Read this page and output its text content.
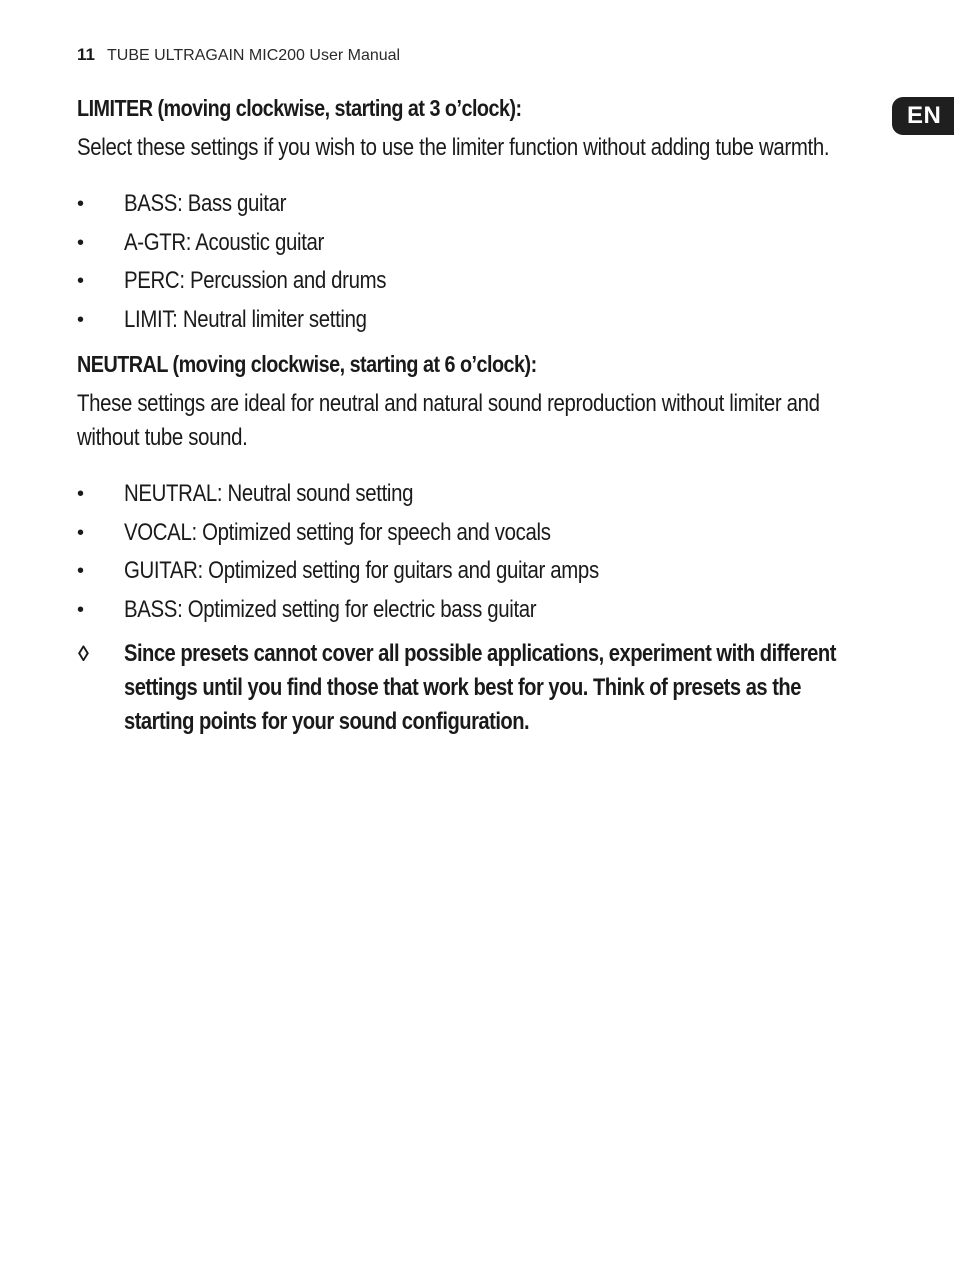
11 TUBE ULTRAGAIN MIC200 User Manual
EN
LIMITER (moving clockwise, starting at 3 o’clock):

Select these settings if you wish to use the limiter function without adding tube warmth.

• BASS: Bass guitar
• A-GTR: Acoustic guitar
• PERC: Percussion and drums
• LIMIT: Neutral limiter setting
NEUTRAL (moving clockwise, starting at 6 o’clock):

These settings are ideal for neutral and natural sound reproduction without limiter and without tube sound.

• NEUTRAL: Neutral sound setting
• VOCAL: Optimized setting for speech and vocals
• GUITAR: Optimized setting for guitars and guitar amps
• BASS: Optimized setting for electric bass guitar
◊ Since presets cannot cover all possible applications, experiment with different settings until you find those that work best for you. Think of presets as the starting points for your sound configuration.
